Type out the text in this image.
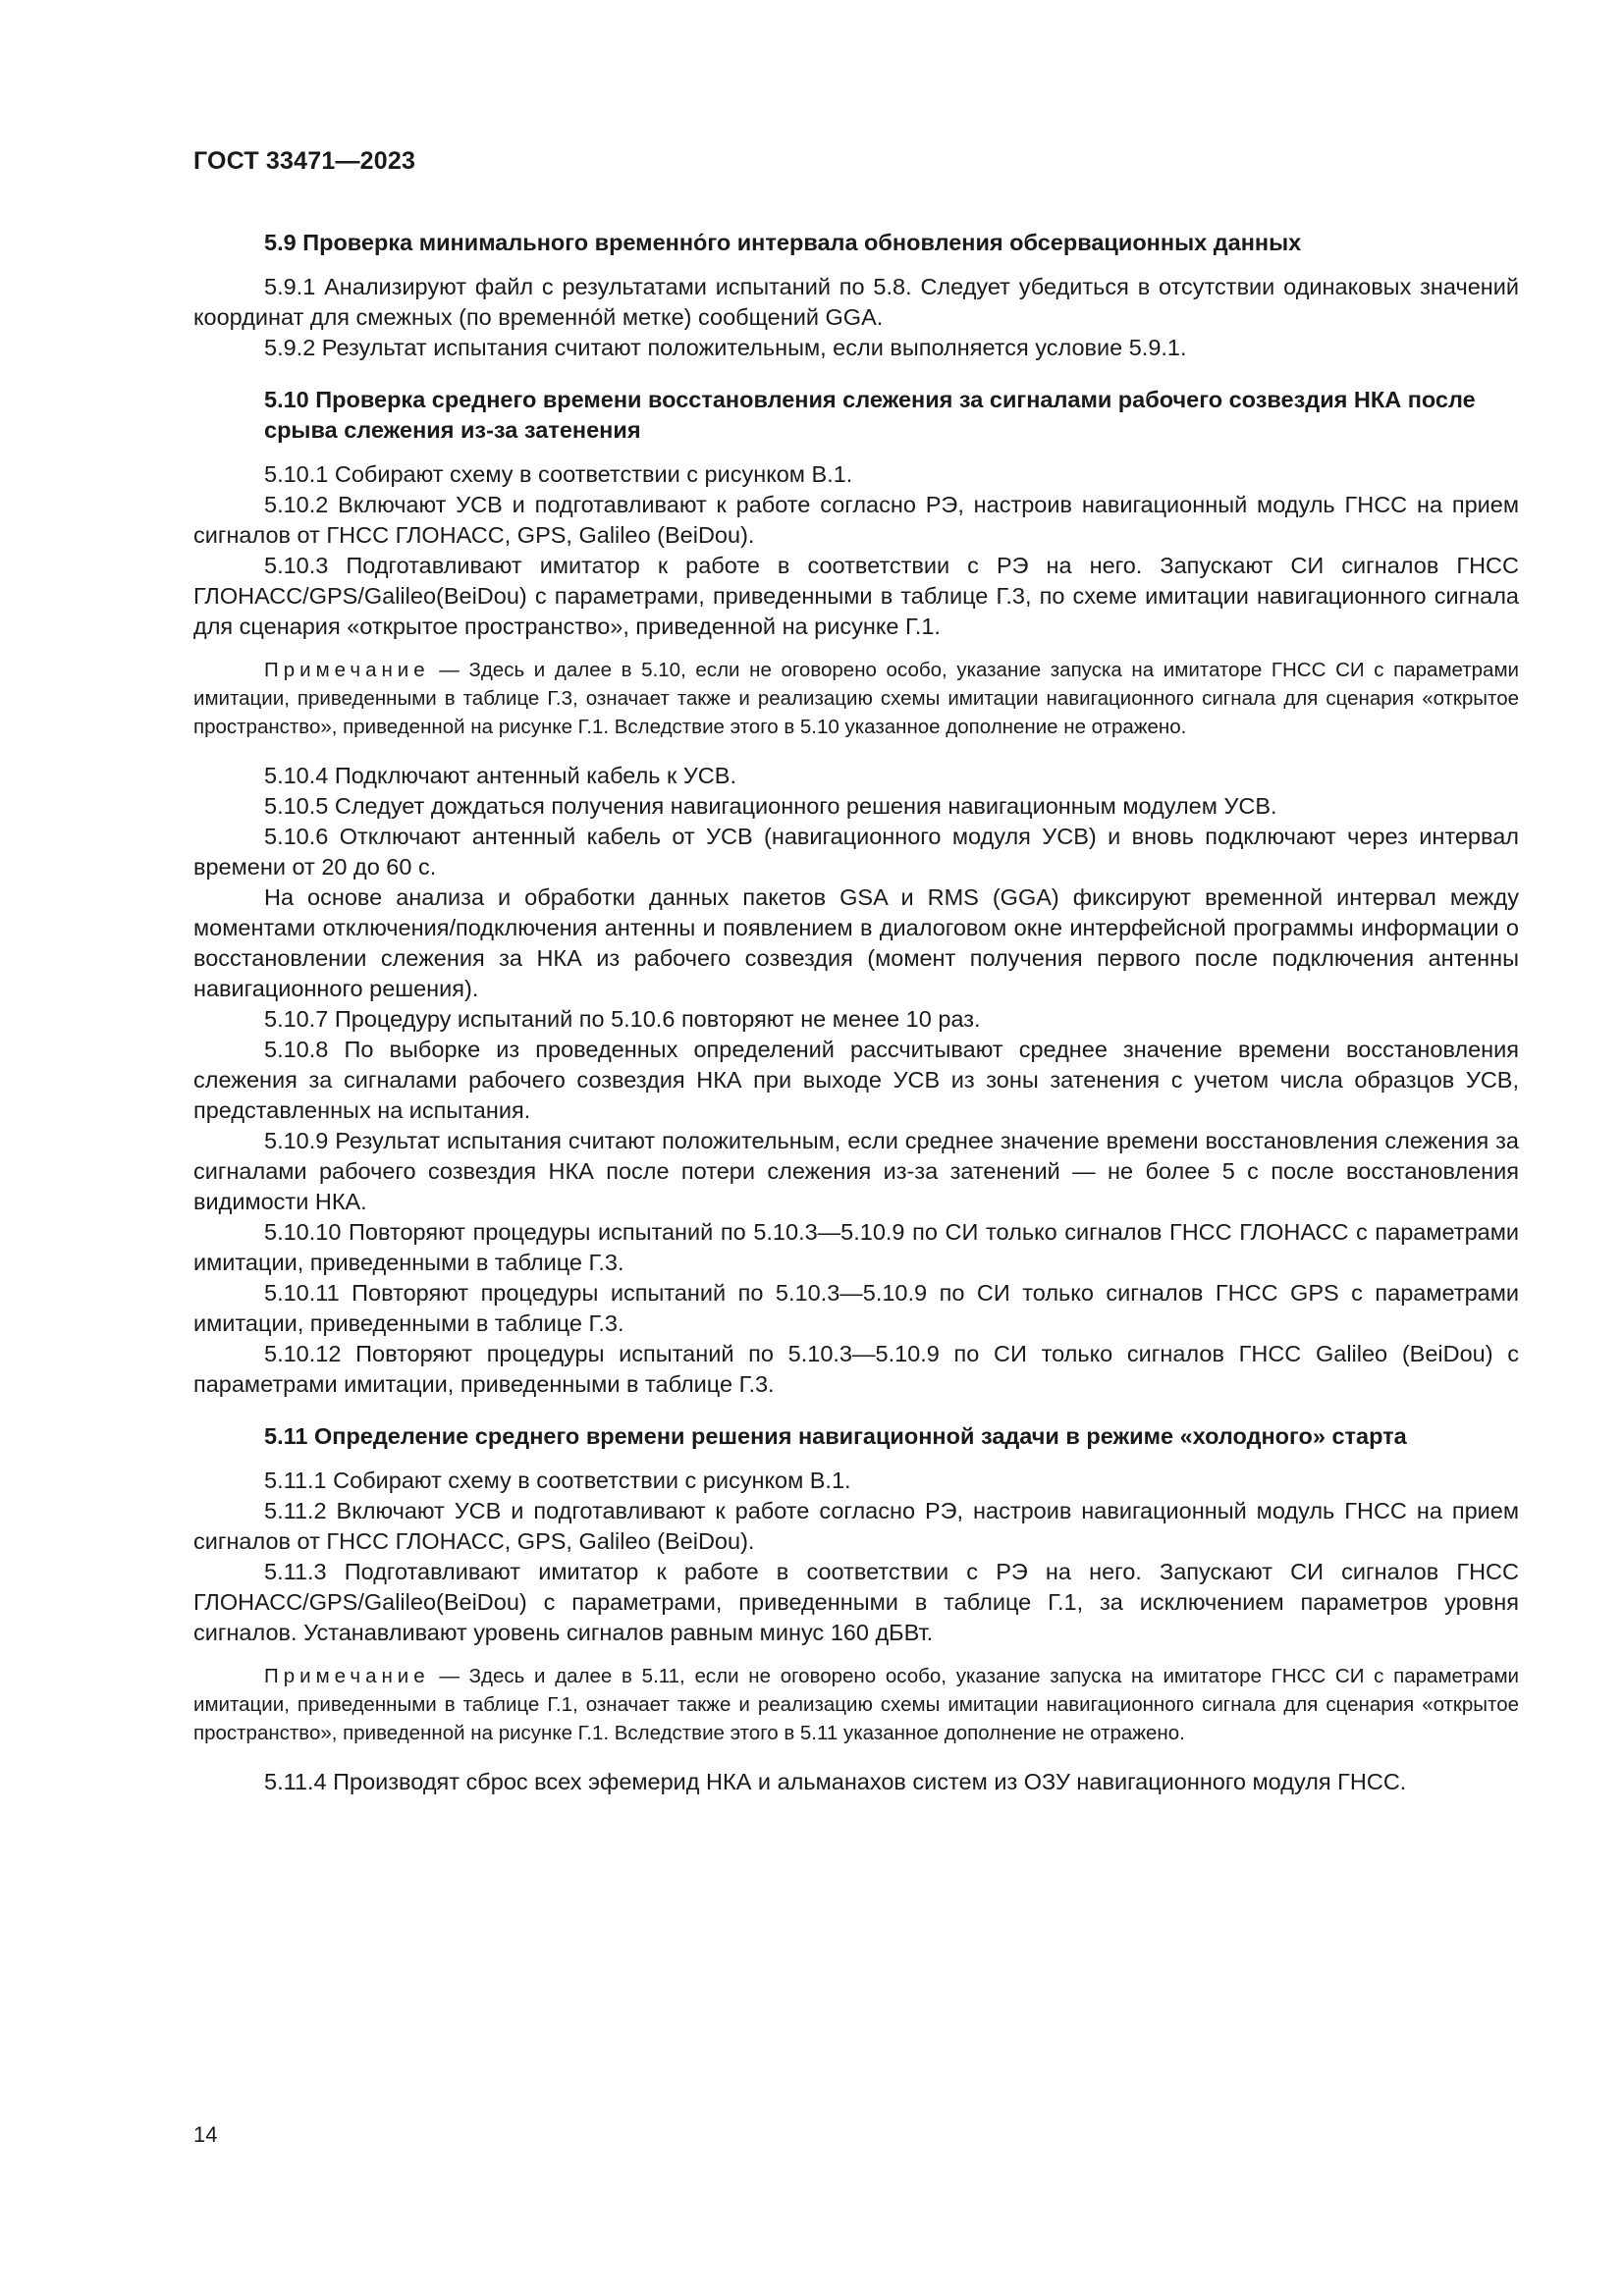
ГОСТ 33471—2023
5.9 Проверка минимального временно́го интервала обновления обсервационных данных

5.9.1 Анализируют файл с результатами испытаний по 5.8. Следует убедиться в отсутствии одинаковых значений координат для смежных (по временно́й метке) сообщений GGA.

5.9.2 Результат испытания считают положительным, если выполняется условие 5.9.1.

5.10 Проверка среднего времени восстановления слежения за сигналами рабочего созвездия НКА после срыва слежения из-за затенения

5.10.1 Собирают схему в соответствии с рисунком В.1.

5.10.2 Включают УСВ и подготавливают к работе согласно РЭ, настроив навигационный модуль ГНСС на прием сигналов от ГНСС ГЛОНАСС, GPS, Galileo (BeiDou).

5.10.3 Подготавливают имитатор к работе в соответствии с РЭ на него. Запускают СИ сигналов ГНСС ГЛОНАСС/GPS/Galileo(BeiDou) с параметрами, приведенными в таблице Г.3, по схеме имитации навигационного сигнала для сценария «открытое пространство», приведенной на рисунке Г.1.

Примечание — Здесь и далее в 5.10, если не оговорено особо, указание запуска на имитаторе ГНСС СИ с параметрами имитации, приведенными в таблице Г.3, означает также и реализацию схемы имитации навигационного сигнала для сценария «открытое пространство», приведенной на рисунке Г.1. Вследствие этого в 5.10 указанное дополнение не отражено.

5.10.4 Подключают антенный кабель к УСВ.

5.10.5 Следует дождаться получения навигационного решения навигационным модулем УСВ.

5.10.6 Отключают антенный кабель от УСВ (навигационного модуля УСВ) и вновь подключают через интервал времени от 20 до 60 с.

На основе анализа и обработки данных пакетов GSA и RMS (GGA) фиксируют временной интервал между моментами отключения/подключения антенны и появлением в диалоговом окне интерфейсной программы информации о восстановлении слежения за НКА из рабочего созвездия (момент получения первого после подключения антенны навигационного решения).

5.10.7 Процедуру испытаний по 5.10.6 повторяют не менее 10 раз.

5.10.8 По выборке из проведенных определений рассчитывают среднее значение времени восстановления слежения за сигналами рабочего созвездия НКА при выходе УСВ из зоны затенения с учетом числа образцов УСВ, представленных на испытания.

5.10.9 Результат испытания считают положительным, если среднее значение времени восстановления слежения за сигналами рабочего созвездия НКА после потери слежения из-за затенений — не более 5 с после восстановления видимости НКА.

5.10.10 Повторяют процедуры испытаний по 5.10.3—5.10.9 по СИ только сигналов ГНСС ГЛОНАСС с параметрами имитации, приведенными в таблице Г.3.

5.10.11 Повторяют процедуры испытаний по 5.10.3—5.10.9 по СИ только сигналов ГНСС GPS с параметрами имитации, приведенными в таблице Г.3.

5.10.12 Повторяют процедуры испытаний по 5.10.3—5.10.9 по СИ только сигналов ГНСС Galileo (BeiDou) с параметрами имитации, приведенными в таблице Г.3.

5.11 Определение среднего времени решения навигационной задачи в режиме «холодного» старта

5.11.1 Собирают схему в соответствии с рисунком В.1.

5.11.2 Включают УСВ и подготавливают к работе согласно РЭ, настроив навигационный модуль ГНСС на прием сигналов от ГНСС ГЛОНАСС, GPS, Galileo (BeiDou).

5.11.3 Подготавливают имитатор к работе в соответствии с РЭ на него. Запускают СИ сигналов ГНСС ГЛОНАСС/GPS/Galileo(BeiDou) с параметрами, приведенными в таблице Г.1, за исключением параметров уровня сигналов. Устанавливают уровень сигналов равным минус 160 дБВт.

Примечание — Здесь и далее в 5.11, если не оговорено особо, указание запуска на имитаторе ГНСС СИ с параметрами имитации, приведенными в таблице Г.1, означает также и реализацию схемы имитации навигационного сигнала для сценария «открытое пространство», приведенной на рисунке Г.1. Вследствие этого в 5.11 указанное дополнение не отражено.

5.11.4 Производят сброс всех эфемерид НКА и альманахов систем из ОЗУ навигационного модуля ГНСС.

14
